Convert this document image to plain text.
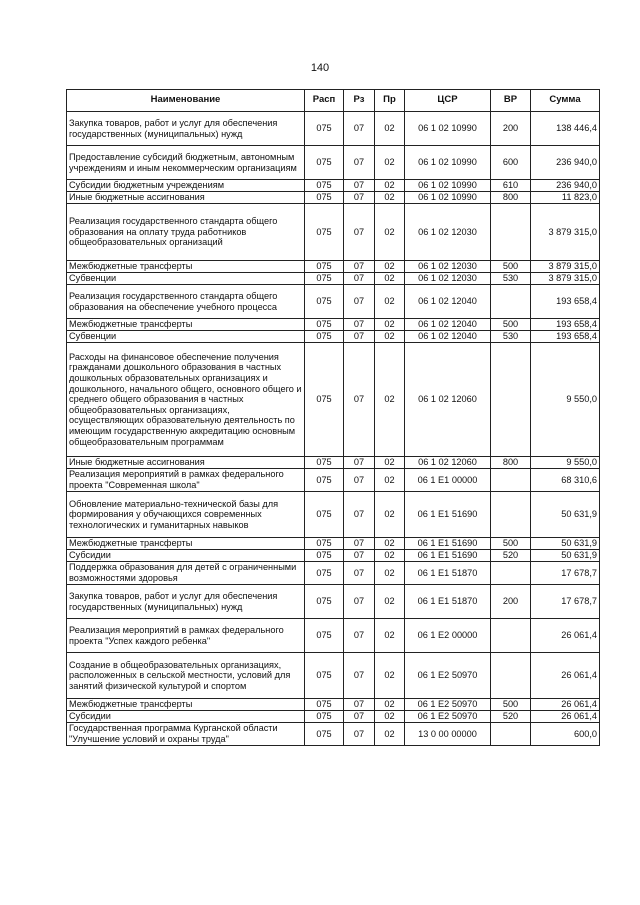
140
Наименование	Расп	Рз	Пр	ЦСР	ВР	Сумма
Закупка товаров, работ и услуг для обеспечения государственных (муниципальных) нужд	075	07	02	06 1 02 10990	200	138 446,4
Предоставление субсидий бюджетным, автономным учреждениям и иным некоммерческим организациям	075	07	02	06 1 02 10990	600	236 940,0
Субсидии бюджетным учреждениям	075	07	02	06 1 02 10990	610	236 940,0
Иные бюджетные ассигнования	075	07	02	06 1 02 10990	800	11 823,0
Реализация государственного стандарта общего образования на оплату труда работников общеобразовательных организаций	075	07	02	06 1 02 12030		3 879 315,0
Межбюджетные трансферты	075	07	02	06 1 02 12030	500	3 879 315,0
Субвенции	075	07	02	06 1 02 12030	530	3 879 315,0
Реализация государственного стандарта общего образования на обеспечение учебного процесса	075	07	02	06 1 02 12040		193 658,4
Межбюджетные трансферты	075	07	02	06 1 02 12040	500	193 658,4
Субвенции	075	07	02	06 1 02 12040	530	193 658,4
Расходы на финансовое обеспечение получения гражданами дошкольного образования в частных дошкольных образовательных организациях и дошкольного, начального общего, основного общего и среднего общего образования в частных общеобразовательных организациях, осуществляющих образовательную деятельность по имеющим государственную аккредитацию основным общеобразовательным программам	075	07	02	06 1 02 12060		9 550,0
Иные бюджетные ассигнования	075	07	02	06 1 02 12060	800	9 550,0
Реализация мероприятий в рамках федерального проекта "Современная школа"	075	07	02	06 1 E1 00000		68 310,6
Обновление материально-технической базы для формирования у обучающихся современных технологических и гуманитарных навыков	075	07	02	06 1 E1 51690		50 631,9
Межбюджетные трансферты	075	07	02	06 1 E1 51690	500	50 631,9
Субсидии	075	07	02	06 1 E1 51690	520	50 631,9
Поддержка образования для детей с ограниченными возможностями здоровья	075	07	02	06 1 E1 51870		17 678,7
Закупка товаров, работ и услуг для обеспечения государственных (муниципальных) нужд	075	07	02	06 1 E1 51870	200	17 678,7
Реализация мероприятий в рамках федерального проекта "Успех каждого ребенка"	075	07	02	06 1 E2 00000		26 061,4
Создание в общеобразовательных организациях, расположенных в сельской местности, условий для занятий физической культурой и спортом	075	07	02	06 1 E2 50970		26 061,4
Межбюджетные трансферты	075	07	02	06 1 E2 50970	500	26 061,4
Субсидии	075	07	02	06 1 E2 50970	520	26 061,4
Государственная программа Курганской области "Улучшение условий и охраны труда"	075	07	02	13 0 00 00000		600,0
